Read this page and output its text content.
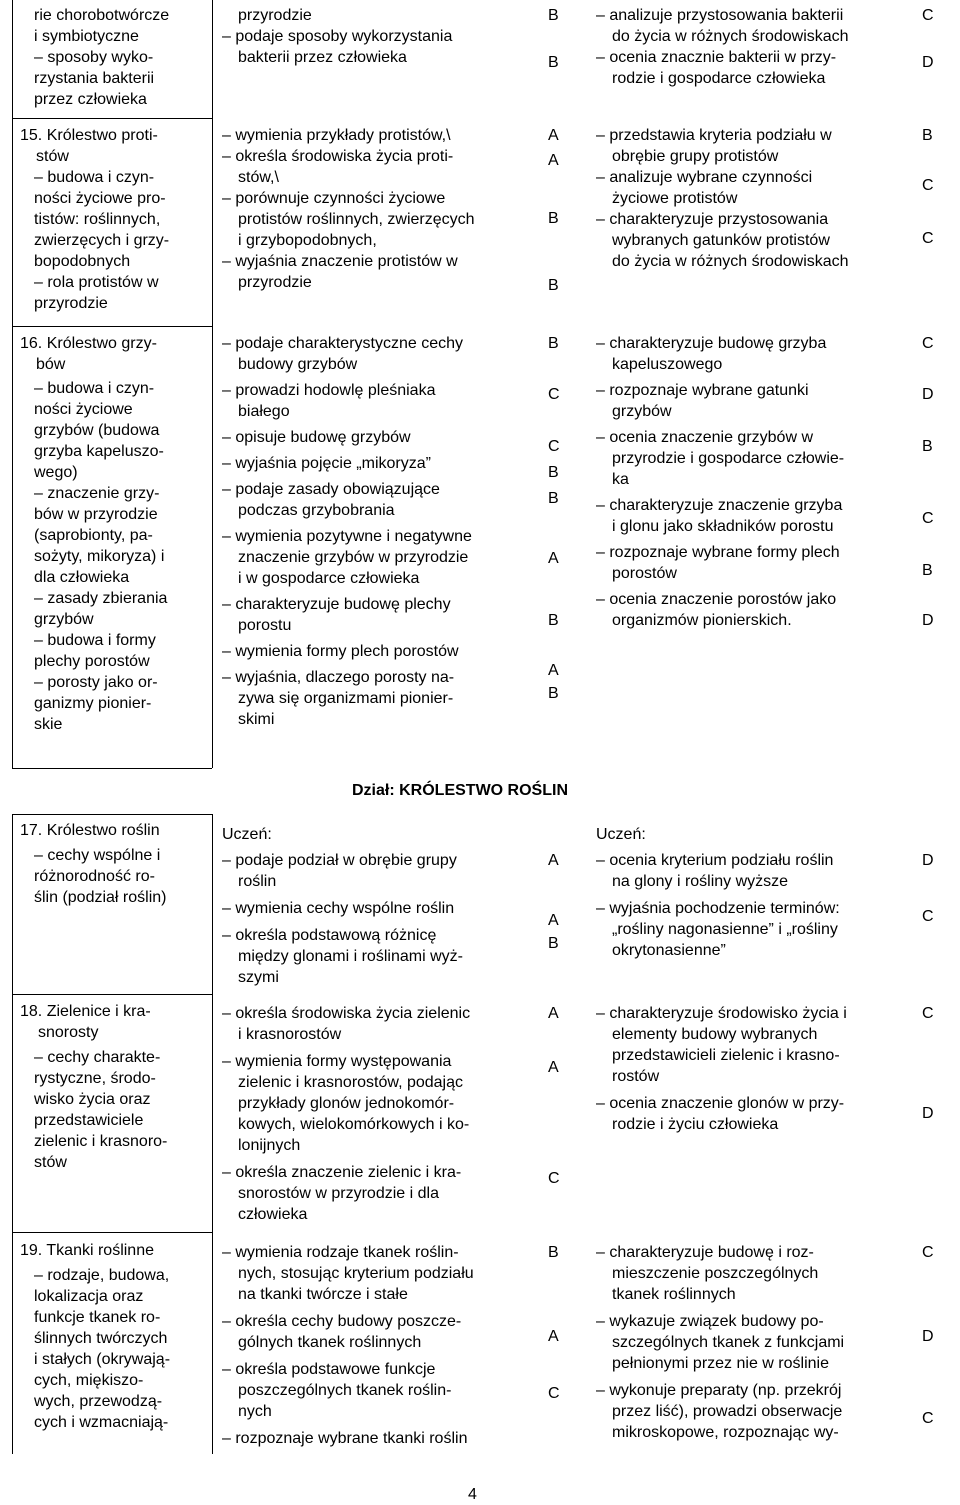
rie chorobotwórcze
i symbiotyczne
– sposoby wyko-
rzystania bakterii
przez człowieka
przyrodzie
– podaje sposoby wykorzystania
bakterii przez człowieka
B
B
– analizuje przystosowania bakterii
do życia w różnych środowiskach
– ocenia znacznie bakterii w przy-
rodzie i gospodarce człowieka
C
D
15. Królestwo proti-
stów
– budowa i czyn-
ności życiowe pro-
tistów: roślinnych,
zwierzęcych i grzy-
bopodobnych
– rola protistów w
przyrodzie
– wymienia przykłady protistów,\
– określa środowiska życia proti-
stów,\
– porównuje czynności życiowe
protistów roślinnych, zwierzęcych
i grzybopodobnych,
– wyjaśnia znaczenie protistów w
przyrodzie
A
A
B
B
– przedstawia kryteria podziału w
obrębie grupy protistów
– analizuje wybrane czynności
życiowe protistów
– charakteryzuje przystosowania
wybranych gatunków protistów
do życia w różnych środowiskach
B
C
C
16. Królestwo grzy-
bów
– budowa i czyn-
ności życiowe
grzybów (budowa
grzyba kapeluszo-
wego)
– znaczenie grzy-
bów w przyrodzie
(saprobionty, pa-
sożyty, mikoryza) i
dla człowieka
– zasady zbierania
grzybów
– budowa i formy
plechy porostów
– porosty jako or-
ganizmy pionier-
skie
– podaje charakterystyczne cechy
budowy grzybów
– prowadzi hodowlę pleśniaka
białego
– opisuje budowę grzybów
– wyjaśnia pojęcie „mikoryza”
– podaje zasady obowiązujące
podczas grzybobrania
– wymienia pozytywne i negatywne
znaczenie grzybów w przyrodzie
i w gospodarce człowieka
– charakteryzuje budowę plechy
porostu
– wymienia formy plech porostów
– wyjaśnia, dlaczego porosty na-
zywa się organizmami pionier-
skimi
B
C
C
B
B
A
B
A
B
– charakteryzuje budowę grzyba
kapeluszowego
– rozpoznaje wybrane gatunki
grzybów
– ocenia znaczenie grzybów w
przyrodzie i gospodarce człowie-
ka
– charakteryzuje znaczenie grzyba
i glonu jako składników porostu
– rozpoznaje wybrane formy plech
porostów
– ocenia znaczenie porostów jako
organizmów pionierskich.
C
D
B
C
B
D
Dział: KRÓLESTWO ROŚLIN
17. Królestwo roślin
– cechy wspólne i
różnorodność ro-
ślin (podział roślin)
Uczeń:	Uczeń:
– podaje podział w obrębie grupy
roślin
– wymienia cechy wspólne roślin
– określa podstawową różnicę
między glonami i roślinami wyż-
szymi
A
A
B
– ocenia kryterium podziału roślin
na glony i rośliny wyższe
– wyjaśnia pochodzenie terminów:
„rośliny nagonasienne” i „rośliny
okrytonasienne”
D
C
18. Zielenice i kra-
snorosty
– cechy charakte-
rystyczne, środo-
wisko życia oraz
przedstawiciele
zielenic i krasnoro-
stów
– określa środowiska życia zielenic
i krasnorostów
– wymienia formy występowania
zielenic i krasnorostów, podając
przykłady glonów jednokomór-
kowych, wielokomórkowych i ko-
lonijnych
– określa znaczenie zielenic i kra-
snorostów w przyrodzie i dla
człowieka
A
A
C
– charakteryzuje środowisko życia i
elementy budowy wybranych
przedstawicieli zielenic i krasno-
rostów
– ocenia znaczenie glonów w przy-
rodzie i życiu człowieka
C
D
19. Tkanki roślinne
– rodzaje, budowa,
lokalizacja oraz
funkcje tkanek ro-
ślinnych twórczych
i stałych (okrywają-
cych, miękiszo-
wych, przewodzą-
cych i wzmacniają-
– wymienia rodzaje tkanek roślin-
nych, stosując kryterium podziału
na tkanki twórcze i stałe
– określa cechy budowy poszcze-
gólnych tkanek roślinnych
– określa podstawowe funkcje
poszczególnych tkanek roślin-
nych
– rozpoznaje wybrane tkanki roślin
B
A
C
– charakteryzuje budowę i roz-
mieszczenie poszczególnych
tkanek roślinnych
– wykazuje związek budowy po-
szczególnych tkanek z funkcjami
pełnionymi przez nie w roślinie
– wykonuje preparaty (np. przekrój
przez liść), prowadzi obserwacje
mikroskopowe, rozpoznając wy-
C
D
C
4
